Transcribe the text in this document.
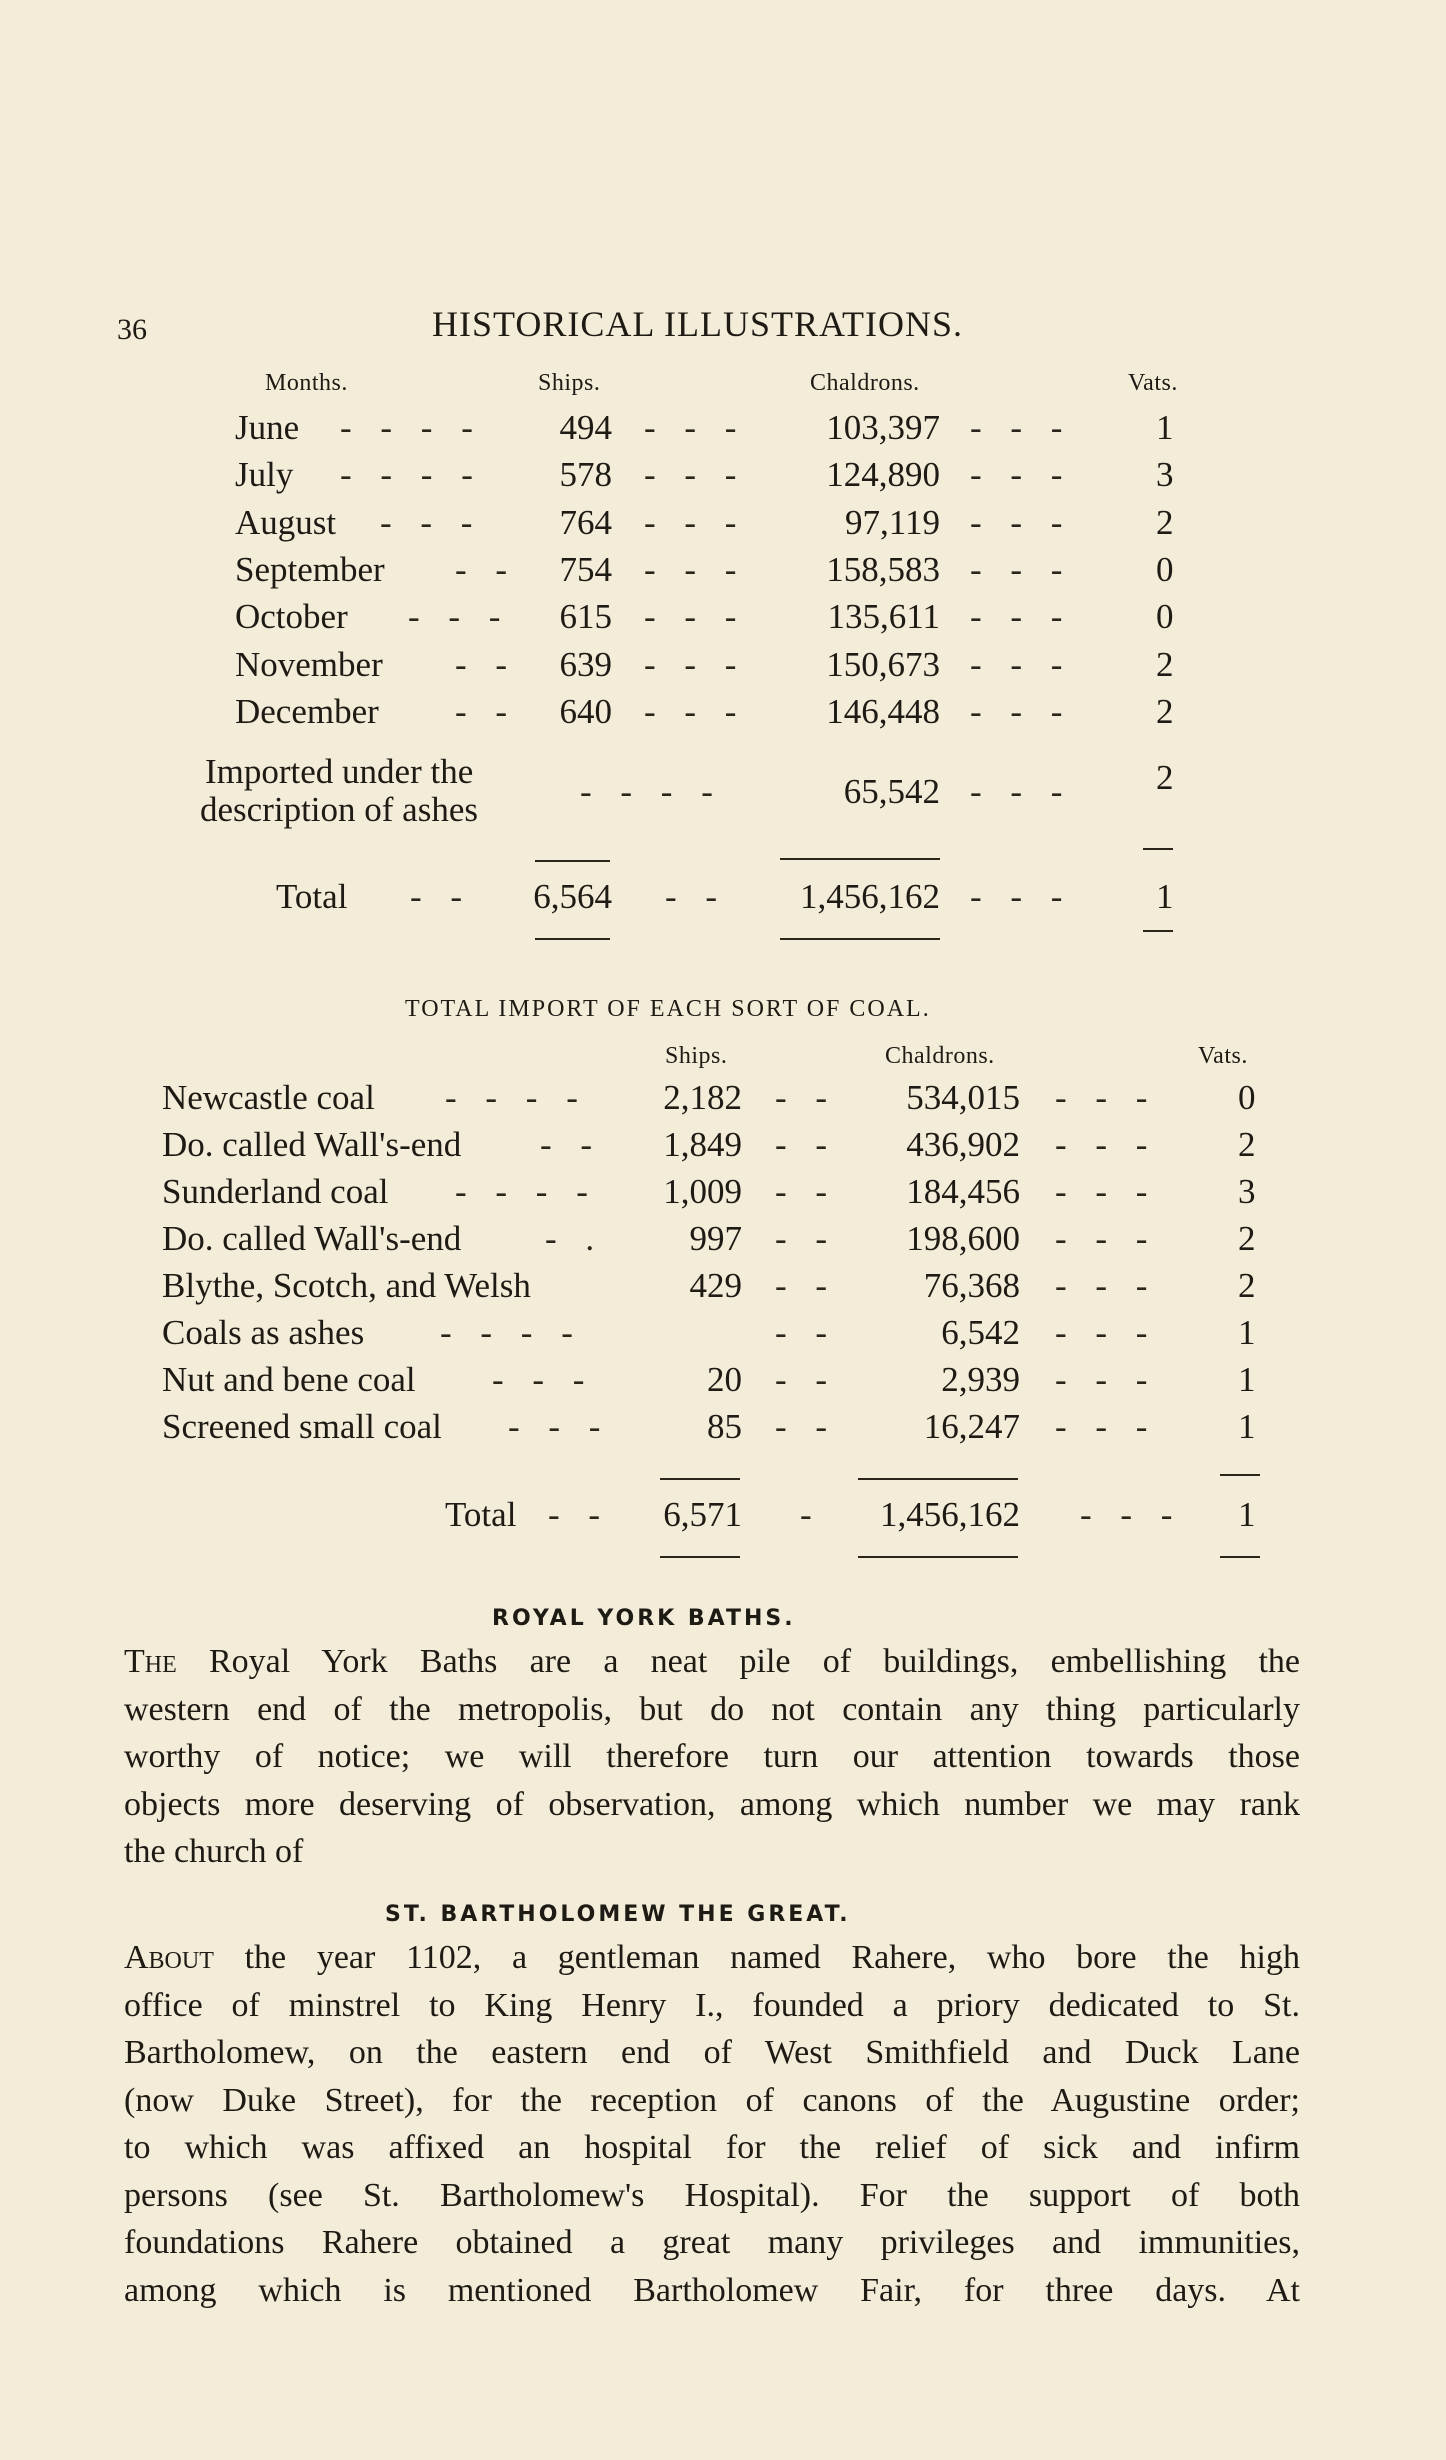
36	HISTORICAL ILLUSTRATIONS.
Months.	Ships.	Chaldrons.	Vats.
June - - - -	494 - - -	103,397 - - - 1
July - - - -	578 - - -	124,890 - - - 3
August - - -	764 - - -	97,119 - - - 2
September - -	754 - - -	158,583 - - - 0
October - - -	615 - - -	135,611 - - - 0
November - -	639 - - -	150,673 - - - 2
December - -	640 - - -	146,448 - - - 2
Imported under the
description of ashes	- - - -	65,542 - - - 2
Total - -	6,564 - -	1,456,162 - - - 1
TOTAL IMPORT OF EACH SORT OF COAL.
Ships.	Chaldrons.	Vats.
Newcastle coal - - - -	2,182 - -	534,015 - - - 0
Do. called Wall's-end - -	1,849 - -	436,902 - - - 2
Sunderland coal - - - -	1,009 - -	184,456 - - - 3
Do. called Wall's-end - .	997 - -	198,600 - - - 2
Blythe, Scotch, and Welsh	429 - -	76,368 - - - 2
Coals as ashes - - - -	- -	6,542 - - - 1
Nut and bene coal - - -	20 - -	2,939 - - - 1
Screened small coal - - -	85 - -	16,247 - - - 1
Total - -	6,571 -	1,456,162 - - - 1
ROYAL YORK BATHS.
The Royal York Baths are a neat pile of buildings, embellishing the
western end of the metropolis, but do not contain any thing particularly
worthy of notice; we will therefore turn our attention towards those
objects more deserving of observation, among which number we may rank
the church of
ST. BARTHOLOMEW THE GREAT.
About the year 1102, a gentleman named Rahere, who bore the high
office of minstrel to King Henry I., founded a priory dedicated to St.
Bartholomew, on the eastern end of West Smithfield and Duck Lane
(now Duke Street), for the reception of canons of the Augustine order;
to which was affixed an hospital for the relief of sick and infirm
persons (see St. Bartholomew's Hospital). For the support of both
foundations Rahere obtained a great many privileges and immunities,
among which is mentioned Bartholomew Fair, for three days. At
